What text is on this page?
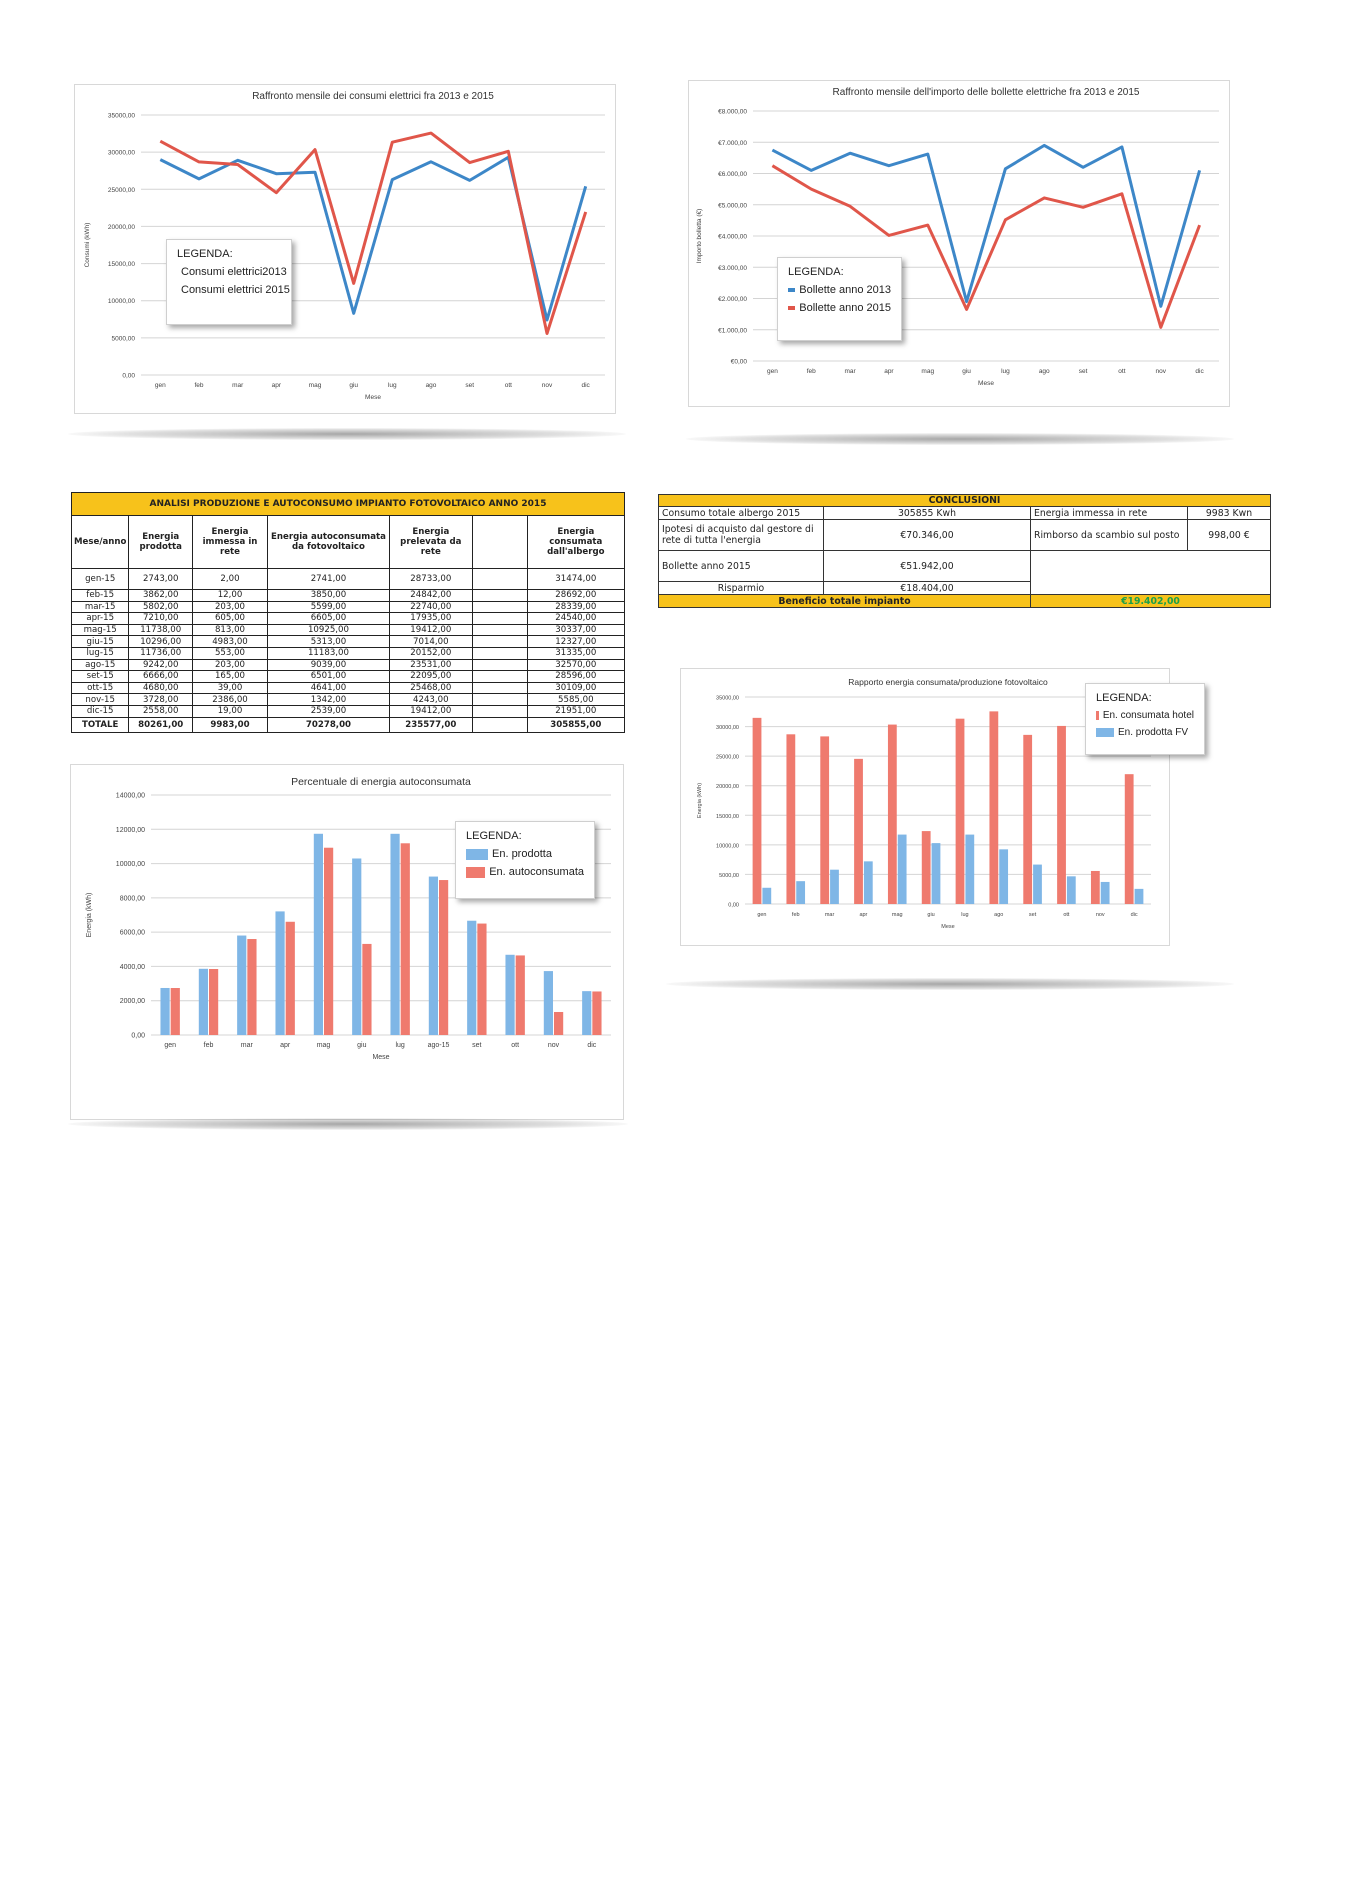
Raffronto mensile dei consumi elettrici fra 2013 e 2015
0,00
5000,00
10000,00
15000,00
20000,00
25000,00
30000,00
35000,00
gen	feb	mar	apr	mag	giu	lug	ago	set	ott	nov	dic
Mese
Consumi (kWh)	LEGENDA:
Consumi elettrici2013
Consumi elettrici 2015
Raffronto mensile dell'importo delle bollette elettriche fra 2013 e 2015
€0,00
€1.000,00
€2.000,00
€3.000,00
€4.000,00
€5.000,00
€6.000,00
€7.000,00
€8.000,00
gen	feb	mar	apr	mag	giu	lug	ago	set	ott	nov	dic
Mese
Importo bolletta (€)
LEGENDA:
Bollette anno 2013
Bollette anno 2015
ANALISI PRODUZIONE E AUTOCONSUMO IMPIANTO FOTOVOLTAICO ANNO 2015						
Mese/anno	Energia prodotta	Energia immessa in rete	Energia autoconsumata da fotovoltaico	Energia prelevata da rete		Energia consumata dall'albergo
gen-15	2743,00	2,00	2741,00	28733,00		31474,00
feb-15	3862,00	12,00	3850,00	24842,00		28692,00
mar-15	5802,00	203,00	5599,00	22740,00		28339,00
apr-15	7210,00	605,00	6605,00	17935,00		24540,00
mag-15	11738,00	813,00	10925,00	19412,00		30337,00
giu-15	10296,00	4983,00	5313,00	7014,00		12327,00
lug-15	11736,00	553,00	11183,00	20152,00		31335,00
ago-15	9242,00	203,00	9039,00	23531,00		32570,00
set-15	6666,00	165,00	6501,00	22095,00		28596,00
ott-15	4680,00	39,00	4641,00	25468,00		30109,00
nov-15	3728,00	2386,00	1342,00	4243,00		5585,00
dic-15	2558,00	19,00	2539,00	19412,00		21951,00
TOTALE	80261,00	9983,00	70278,00	235577,00		305855,00
CONCLUSIONI			
Consumo totale albergo 2015	305855 Kwh	Energia immessa in rete	9983 Kwn
Ipotesi di acquisto dal gestore di rete di tutta l'energia	€70.346,00	Rimborso da scambio sul posto	998,00 €
Bollette anno 2015	€51.942,00		
Risparmio	€18.404,00		
Beneficio totale impianto		€19.402,00	
Percentuale di energia autoconsumata
0,00
2000,00
4000,00
6000,00
8000,00
10000,00
12000,00
14000,00
gen	feb	mar	apr	mag	giu	lug	ago-15	set	ott	nov	dic
Mese
Energia (kWh)
LEGENDA:
En. prodotta
En. autoconsumata
Rapporto energia consumata/produzione fotovoltaico
0,00
5000,00
10000,00
15000,00
20000,00
25000,00
30000,00
35000,00
gen	feb	mar	apr	mag	giu	lug	ago	set	ott	nov	dic
Mese
Energia (kWh)
LEGENDA:
En. consumata hotel
En. prodotta FV
